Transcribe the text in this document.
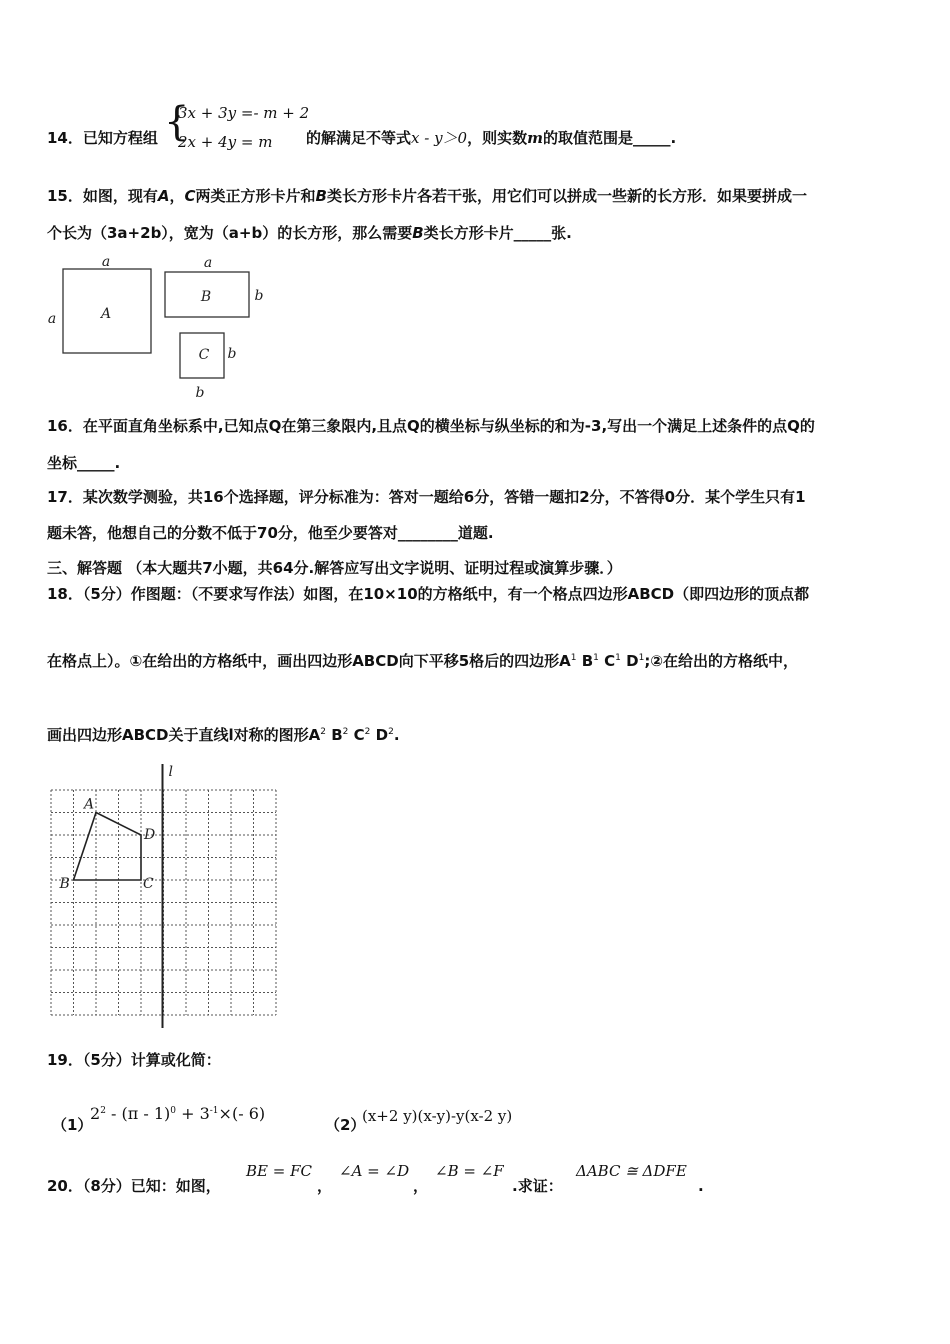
14．已知方程组 {
3x + 3y =- m + 2
2x + 4y = m 的解满足不等式x - y＞0，则实数m的取值范围是_____.
15．如图，现有A，C两类正方形卡片和B类长方形卡片各若干张，用它们可以拼成一些新的长方形．如果要拼成一
个长为（3a+2b），宽为（a+b）的长方形，那么需要B类长方形卡片_____张.
a
a	A
a
b
B
b
b
C
16．在平面直角坐标系中,已知点Q在第三象限内,且点Q的横坐标与纵坐标的和为-3,写出一个满足上述条件的点Q的
坐标_____.
17．某次数学测验，共16个选择题，评分标准为：答对一题给6分，答错一题扣2分，不答得0分．某个学生只有1
题未答，他想自己的分数不低于70分，他至少要答对________道题.
三、解答题 （本大题共7小题，共64分.解答应写出文字说明、证明过程或演算步骤．）
18．（5分）作图题：（不要求写作法）如图，在10×10的方格纸中，有一个格点四边形ABCD（即四边形的顶点都
在格点上）。①在给出的方格纸中，画出四边形ABCD向下平移5格后的四边形$A^1$ $B^1$ $C^1$ $D^1;②$在给出的方格纸中，
画出四边形ABCD关于直线l对称的图形$A^2$ $B^2$ $C^2$ $D^2$.
l
A
B	C
D
19．（5分）计算或化简：
（1）
$2^2 - (\pi - 1)^0 + 3^{-1}\times(-$ 6)
（2）
(x+2 y)(x-y)-y(x-2 y)
20．（8分）已知：如图，
BE = FC
，
∠A = ∠D
，
∠B = ∠F
.求证：
ΔABC ≅ ΔDFE
.
